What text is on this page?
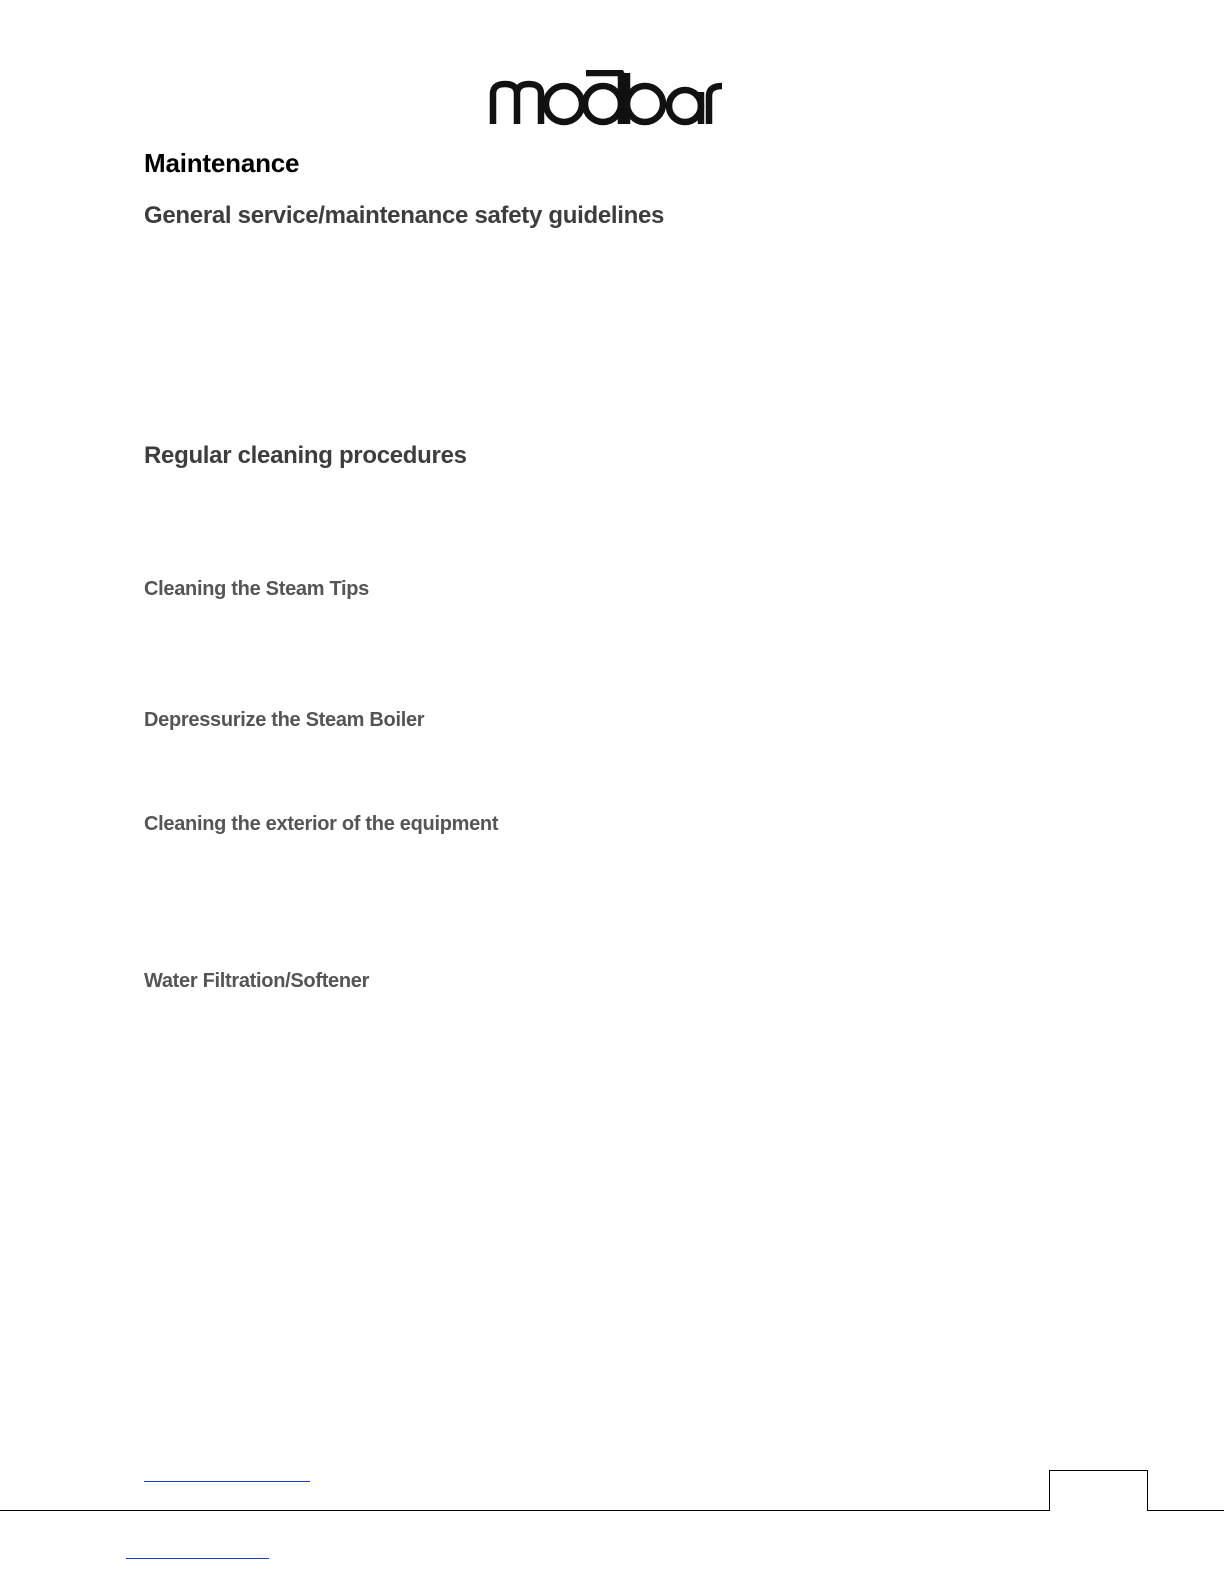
Maintenance
General service/maintenance safety guidelines
Regular cleaning procedures
Cleaning the Steam Tips
Depressurize the Steam Boiler
Cleaning the exterior of the equipment
Water Filtration/Softener
